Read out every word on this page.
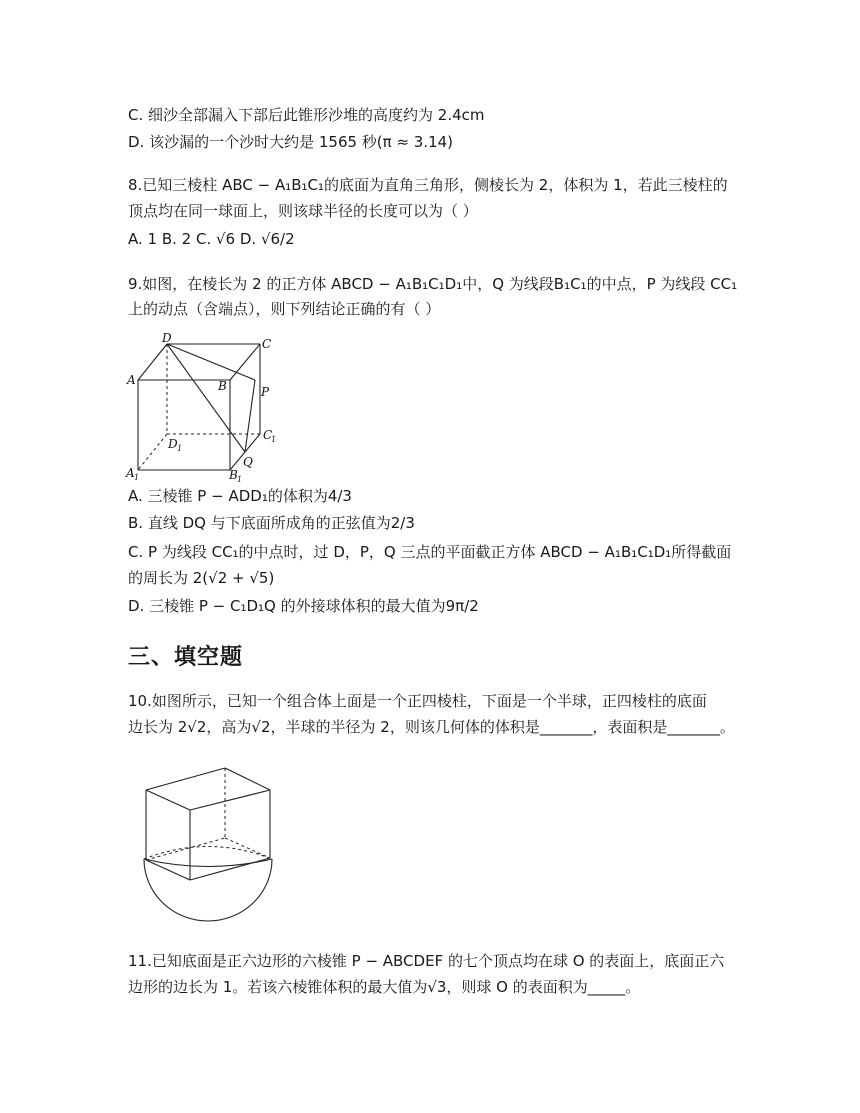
C. 细沙全部漏入下部后此锥形沙堆的高度约为 2.4cm
D. 该沙漏的一个沙时大约是 1565 秒(π ≈ 3.14)
8.已知三棱柱 ABC − A₁B₁C₁的底面为直角三角形，侧棱长为 2，体积为 1，若此三棱柱的
顶点均在同一球面上，则该球半径的长度可以为（ ）
A. 1 B. 2 C. √6 D. √6/2
9.如图，在棱长为 2 的正方体 ABCD − A₁B₁C₁D₁中，Q 为线段B₁C₁的中点，P 为线段 CC₁
上的动点（含端点），则下列结论正确的有（ ）
D	C
A	B	P
D 1
C
1
A 1	B 1
Q
A. 三棱锥 P − ADD₁的体积为4/3
B. 直线 DQ 与下底面所成角的正弦值为2/3
C. P 为线段 CC₁的中点时，过 D，P，Q 三点的平面截正方体 ABCD − A₁B₁C₁D₁所得截面
的周长为 2(√2 + √5)
D. 三棱锥 P − C₁D₁Q 的外接球体积的最大值为9π/2
三、填空题
10.如图所示，已知一个组合体上面是一个正四棱柱，下面是一个半球，正四棱柱的底面
边长为 2√2，高为√2，半球的半径为 2，则该几何体的体积是_______，表面积是_______。
11.已知底面是正六边形的六棱锥 P − ABCDEF 的七个顶点均在球 O 的表面上，底面正六
边形的边长为 1。若该六棱锥体积的最大值为√3，则球 O 的表面积为_____。
